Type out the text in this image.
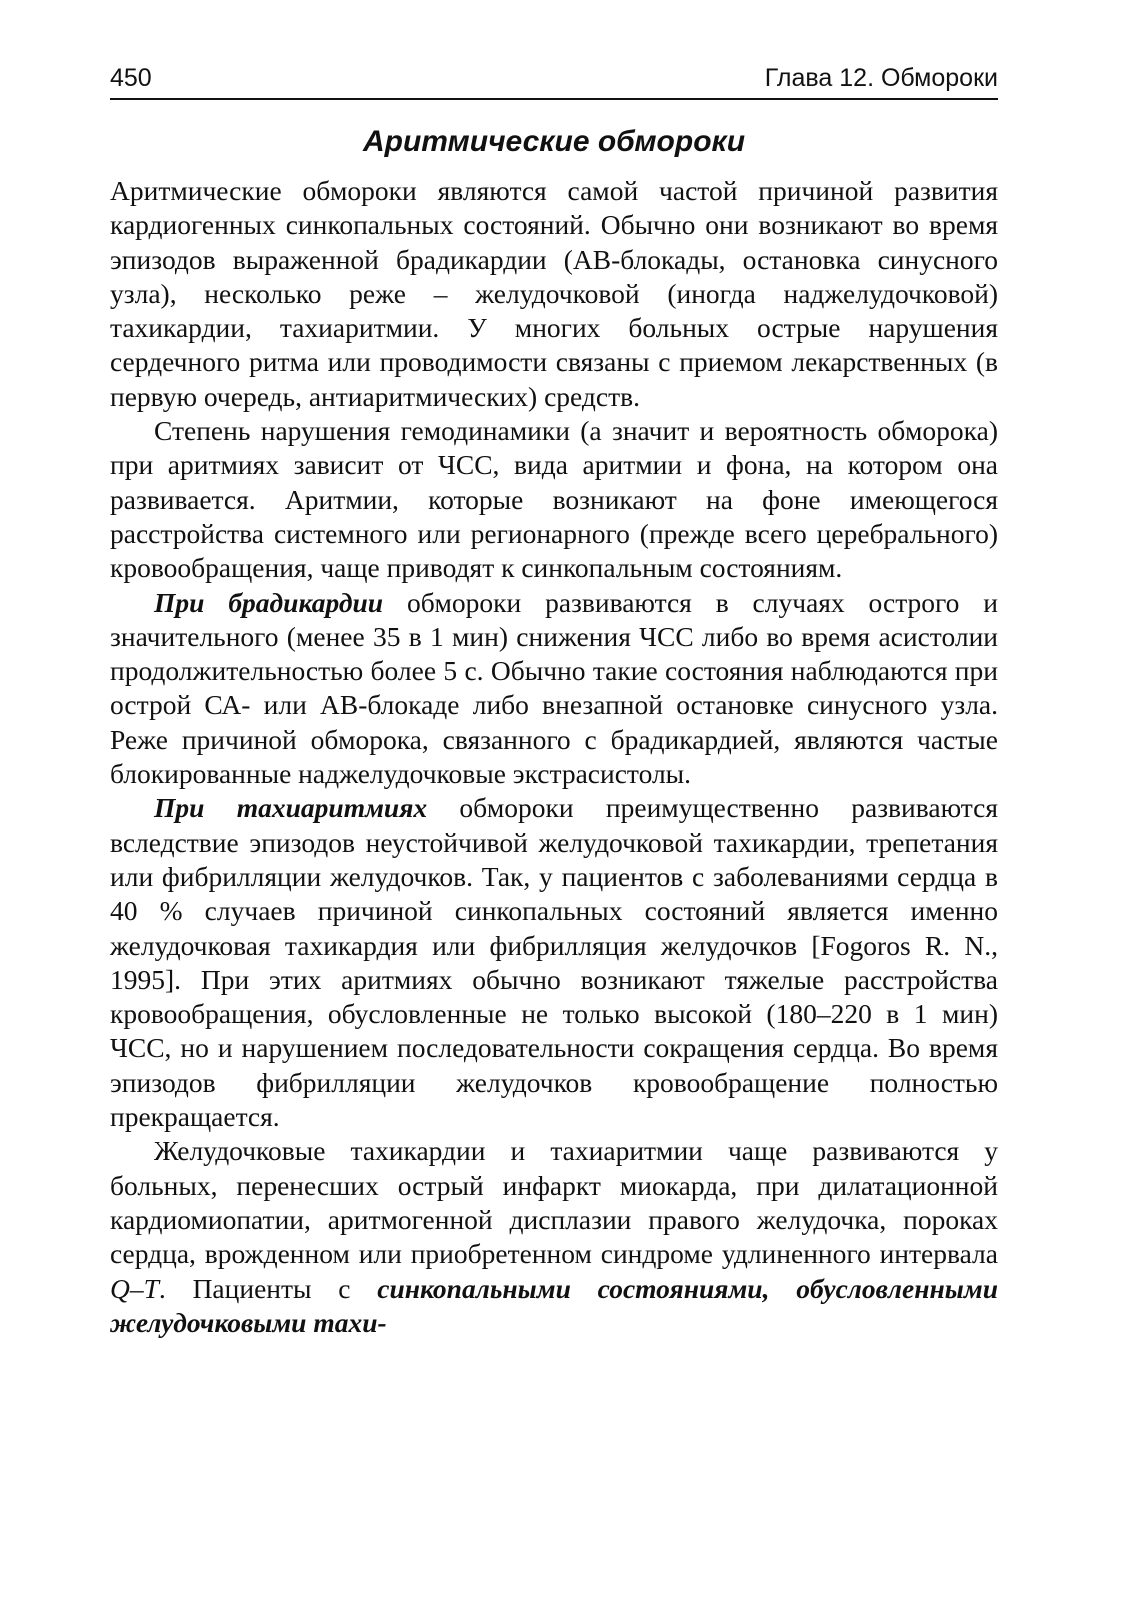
450	Глава 12. Обмороки
Аритмические обмороки

Аритмические обмороки являются самой частой причиной развития кардиогенных синкопальных состояний. Обычно они возникают во время эпизодов выраженной брадикардии (АВ-блокады, остановка синусного узла), несколько реже – желудочковой (иногда наджелудочковой) тахикардии, тахиаритмии. У многих больных острые нарушения сердечного ритма или проводимости связаны с приемом лекарственных (в первую очередь, антиаритмических) средств.

Степень нарушения гемодинамики (а значит и вероятность обморока) при аритмиях зависит от ЧСС, вида аритмии и фона, на котором она развивается. Аритмии, которые возникают на фоне имеющегося расстройства системного или регионарного (прежде всего церебрального) кровообращения, чаще приводят к синкопальным состояниям.

При брадикардии обмороки развиваются в случаях острого и значительного (менее 35 в 1 мин) снижения ЧСС либо во время асистолии продолжительностью более 5 с. Обычно такие состояния наблюдаются при острой СА- или АВ-блокаде либо внезапной остановке синусного узла. Реже причиной обморока, связанного с брадикардией, являются частые блокированные наджелудочковые экстрасистолы.

При тахиаритмиях обмороки преимущественно развиваются вследствие эпизодов неустойчивой желудочковой тахикардии, трепетания или фибрилляции желудочков. Так, у пациентов с заболеваниями сердца в 40 % случаев причиной синкопальных состояний является именно желудочковая тахикардия или фибрилляция желудочков [Fogoros R. N., 1995]. При этих аритмиях обычно возникают тяжелые расстройства кровообращения, обусловленные не только высокой (180–220 в 1 мин) ЧСС, но и нарушением последовательности сокращения сердца. Во время эпизодов фибрилляции желудочков кровообращение полностью прекращается.

Желудочковые тахикардии и тахиаритмии чаще развиваются у больных, перенесших острый инфаркт миокарда, при дилатационной кардиомиопатии, аритмогенной дисплазии правого желудочка, пороках сердца, врожденном или приобретенном синдроме удлиненного интервала Q–T. Пациенты с синкопальными состояниями, обусловленными желудочковыми тахи-
